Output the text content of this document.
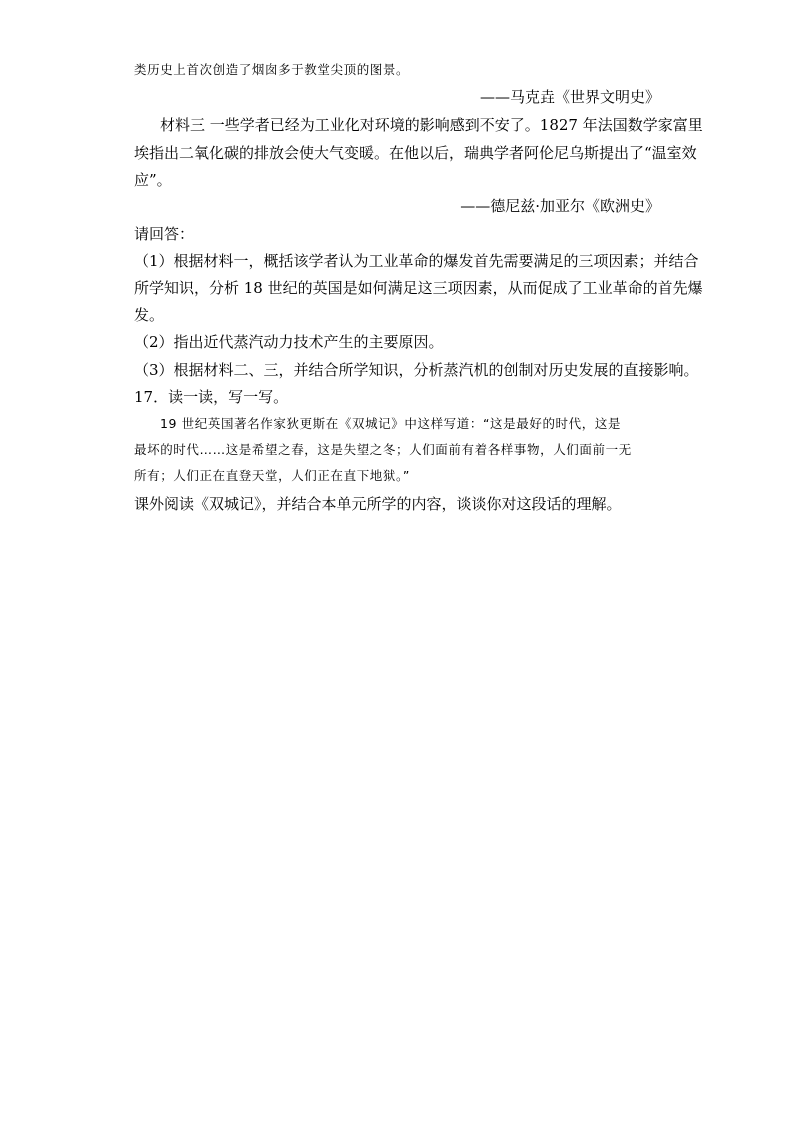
类历史上首次创造了烟囱多于教堂尖顶的图景。
——马克垚《世界文明史》
材料三 一些学者已经为工业化对环境的影响感到不安了。1827 年法国数学家富里
埃指出二氧化碳的排放会使大气变暖。在他以后，瑞典学者阿伦尼乌斯提出了“温室效
应”。
——德尼兹·加亚尔《欧洲史》
请回答：
（1）根据材料一，概括该学者认为工业革命的爆发首先需要满足的三项因素；并结合
所学知识，分析 18 世纪的英国是如何满足这三项因素，从而促成了工业革命的首先爆
发。
（2）指出近代蒸汽动力技术产生的主要原因。
（3）根据材料二、三，并结合所学知识，分析蒸汽机的创制对历史发展的直接影响。
17．读一读，写一写。
19 世纪英国著名作家狄更斯在《双城记》中这样写道：“这是最好的时代，这是
最坏的时代……这是希望之春，这是失望之冬；人们面前有着各样事物，人们面前一无
所有；人们正在直登天堂，人们正在直下地狱。”
课外阅读《双城记》，并结合本单元所学的内容，谈谈你对这段话的理解。
